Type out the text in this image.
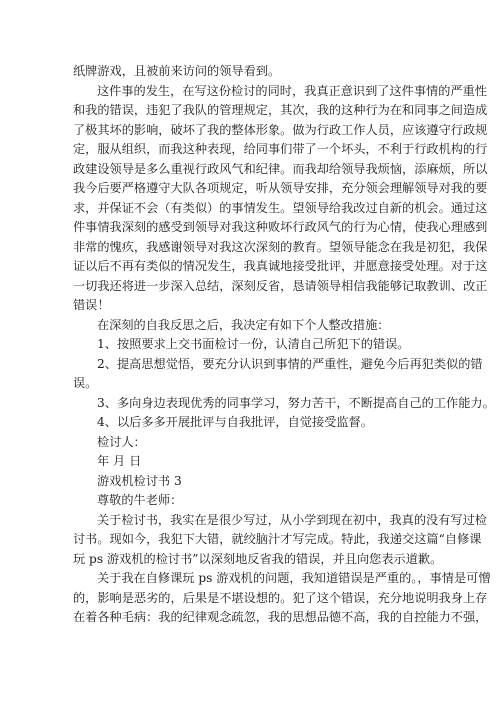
纸牌游戏，且被前来访问的领导看到。
这件事的发生，在写这份检讨的同时，我真正意识到了这件事情的严重性
和我的错误，违犯了我队的管理规定，其次，我的这种行为在和同事之间造成
了极其坏的影响，破坏了我的整体形象。做为行政工作人员，应该遵守行政规
定，服从组织，而我这种表现，给同事们带了一个坏头，不利于行政机构的行
政建设领导是多么重视行政风气和纪律。而我却给领导我烦恼，添麻烦，所以
我今后要严格遵守大队各项规定，听从领导安排，充分领会理解领导对我的要
求，并保证不会（有类似）的事情发生。望领导给我改过自新的机会。通过这
件事情我深刻的感受到领导对我这种败坏行政风气的行为心情，使我心理感到
非常的愧疚，我感谢领导对我这次深刻的教育。望领导能念在我是初犯，我保
证以后不再有类似的情况发生，我真诚地接受批评，并愿意接受处理。对于这
一切我还将进一步深入总结，深刻反省，恳请领导相信我能够记取教训、改正
错误！
在深刻的自我反思之后，我决定有如下个人整改措施：
1、按照要求上交书面检讨一份，认清自己所犯下的错误。
2、提高思想觉悟，要充分认识到事情的严重性，避免今后再犯类似的错
误。
3、多向身边表现优秀的同事学习，努力苦干，不断提高自己的工作能力。
4、以后多多开展批评与自我批评，自觉接受监督。
检讨人：
年 月 日
游戏机检讨书 3
尊敬的牛老师：
关于检讨书，我实在是很少写过，从小学到现在初中，我真的没有写过检
讨书。现如今，我犯下大错，就绞脑汁才写完成。特此，我递交这篇“自修课
玩 ps 游戏机的检讨书”以深刻地反省我的错误，并且向您表示道歉。
关于我在自修课玩 ps 游戏机的问题，我知道错误是严重的。，事情是可憎
的，影响是恶劣的，后果是不堪设想的。犯了这个错误，充分地说明我身上存
在着各种毛病：我的纪律观念疏忽，我的思想品德不高，我的自控能力不强，
